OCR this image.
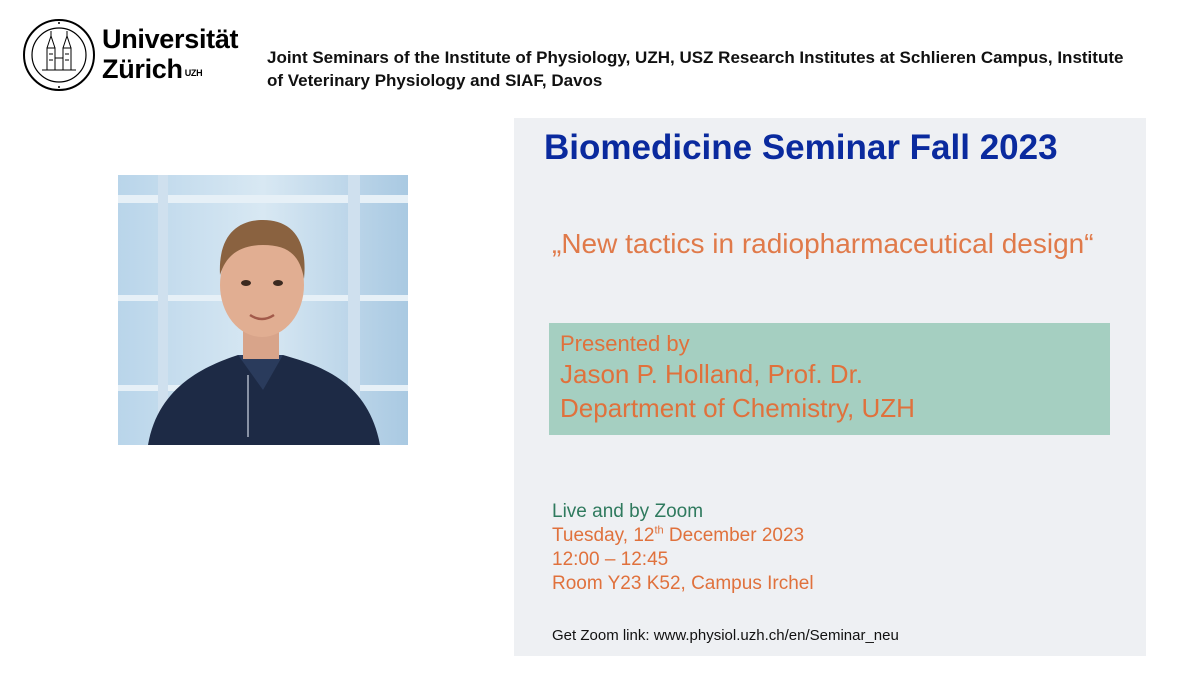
Universität
Zürich $^{UZH}$
Joint Seminars of the Institute of Physiology, UZH, USZ Research Institutes at Schlieren Campus, Institute of Veterinary Physiology and SIAF, Davos
Biomedicine Seminar Fall 2023
„New tactics in radiopharmaceutical design“
Presented by
Jason P. Holland, Prof. Dr.
Department of Chemistry, UZH
Live and by Zoom
Tuesday, 12th December 2023
12:00 – 12:45
Room Y23 K52, Campus Irchel
Get Zoom link: www.physiol.uzh.ch/en/Seminar_neu
